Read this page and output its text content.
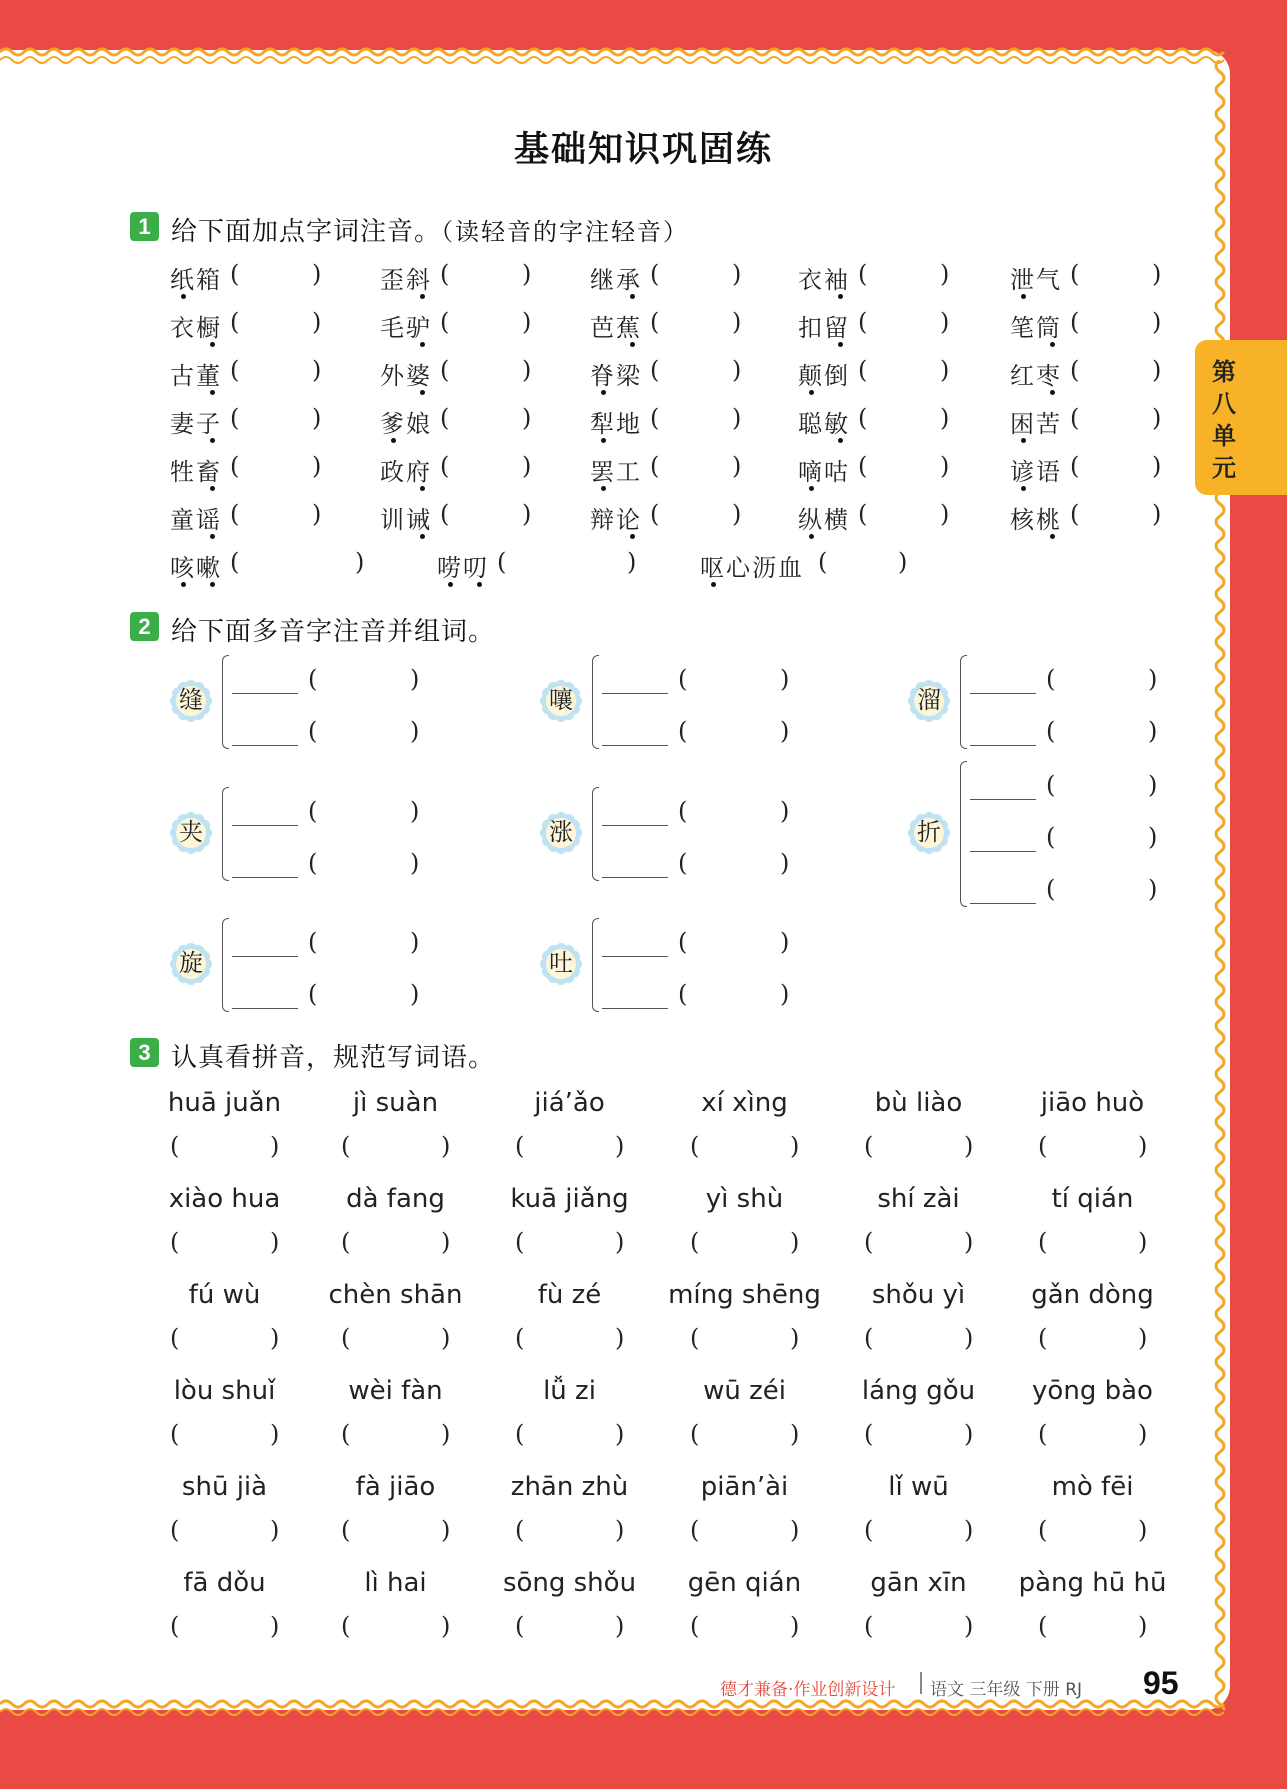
第八单元
基础知识巩固练
1 给下面加点字词注音。（读轻音的字注轻音）
纸箱 (	) 歪斜 (	) 继承 (	) 衣袖 (	)	泄气 (	)
衣橱 (	) 毛驴 (	) 芭蕉 (	) 扣留 (	)	笔筒 (	)
古董 (	) 外婆 (	) 脊梁 (	) 颠倒 (	)	红枣 (	)
妻子 (	) 爹娘 (	) 犁地 (	) 聪敏 (	)	困苦 (	)
牲畜 (	) 政府 (	) 罢工 (	) 嘀咕 (	)	谚语 (	)
童谣 (	) 训诫 (	) 辩论 (	) 纵横 (	)	核桃 (	)
咳嗽 (	)	唠叨 (	)	呕心沥血 (	)
2 给下面多音字注音并组词。
缝
(	)
(	)
嚷
(	)
(	)
溜
(	)
(	)
夹
(	)
(	)
涨
(	)
(	)
折
(	)
(	)
(	)
旋
(	)
(	)
吐
(	)
(	)
3 认真看拼音，规范写词语。
huā juǎn
(	)
jì suàn
(	)
jiá’ǎo
(	)
xí xìng
(	)
bù liào
(	)
jiāo huò
(	)
xiào hua
(	)
dà fang
(	)
kuā jiǎng
(	)
yì shù
(	)
shí zài
(	)
tí qián
(	)
fú wù
(	)
chèn shān
(	)
fù zé
(	)
míng shēng
(	)
shǒu yì
(	)
gǎn dòng
(	)
lòu shuǐ
(	)
wèi fàn
(	)
lǚ zi
(	)
wū zéi
(	)
láng gǒu
(	)
yōng bào
(	)
shū jià
(	)
fà jiāo
(	)
zhān zhù
(	)
piān’ài
(	)
lǐ wū
(	)
mò fēi
(	)
fā dǒu
(	)
lì hai
(	)
sōng shǒu
(	)
gēn qián
(	)
gān xīn
(	)
pàng hū hū
(	)
德才兼备·作业创新设计 语文 三年级 下册 RJ 95
